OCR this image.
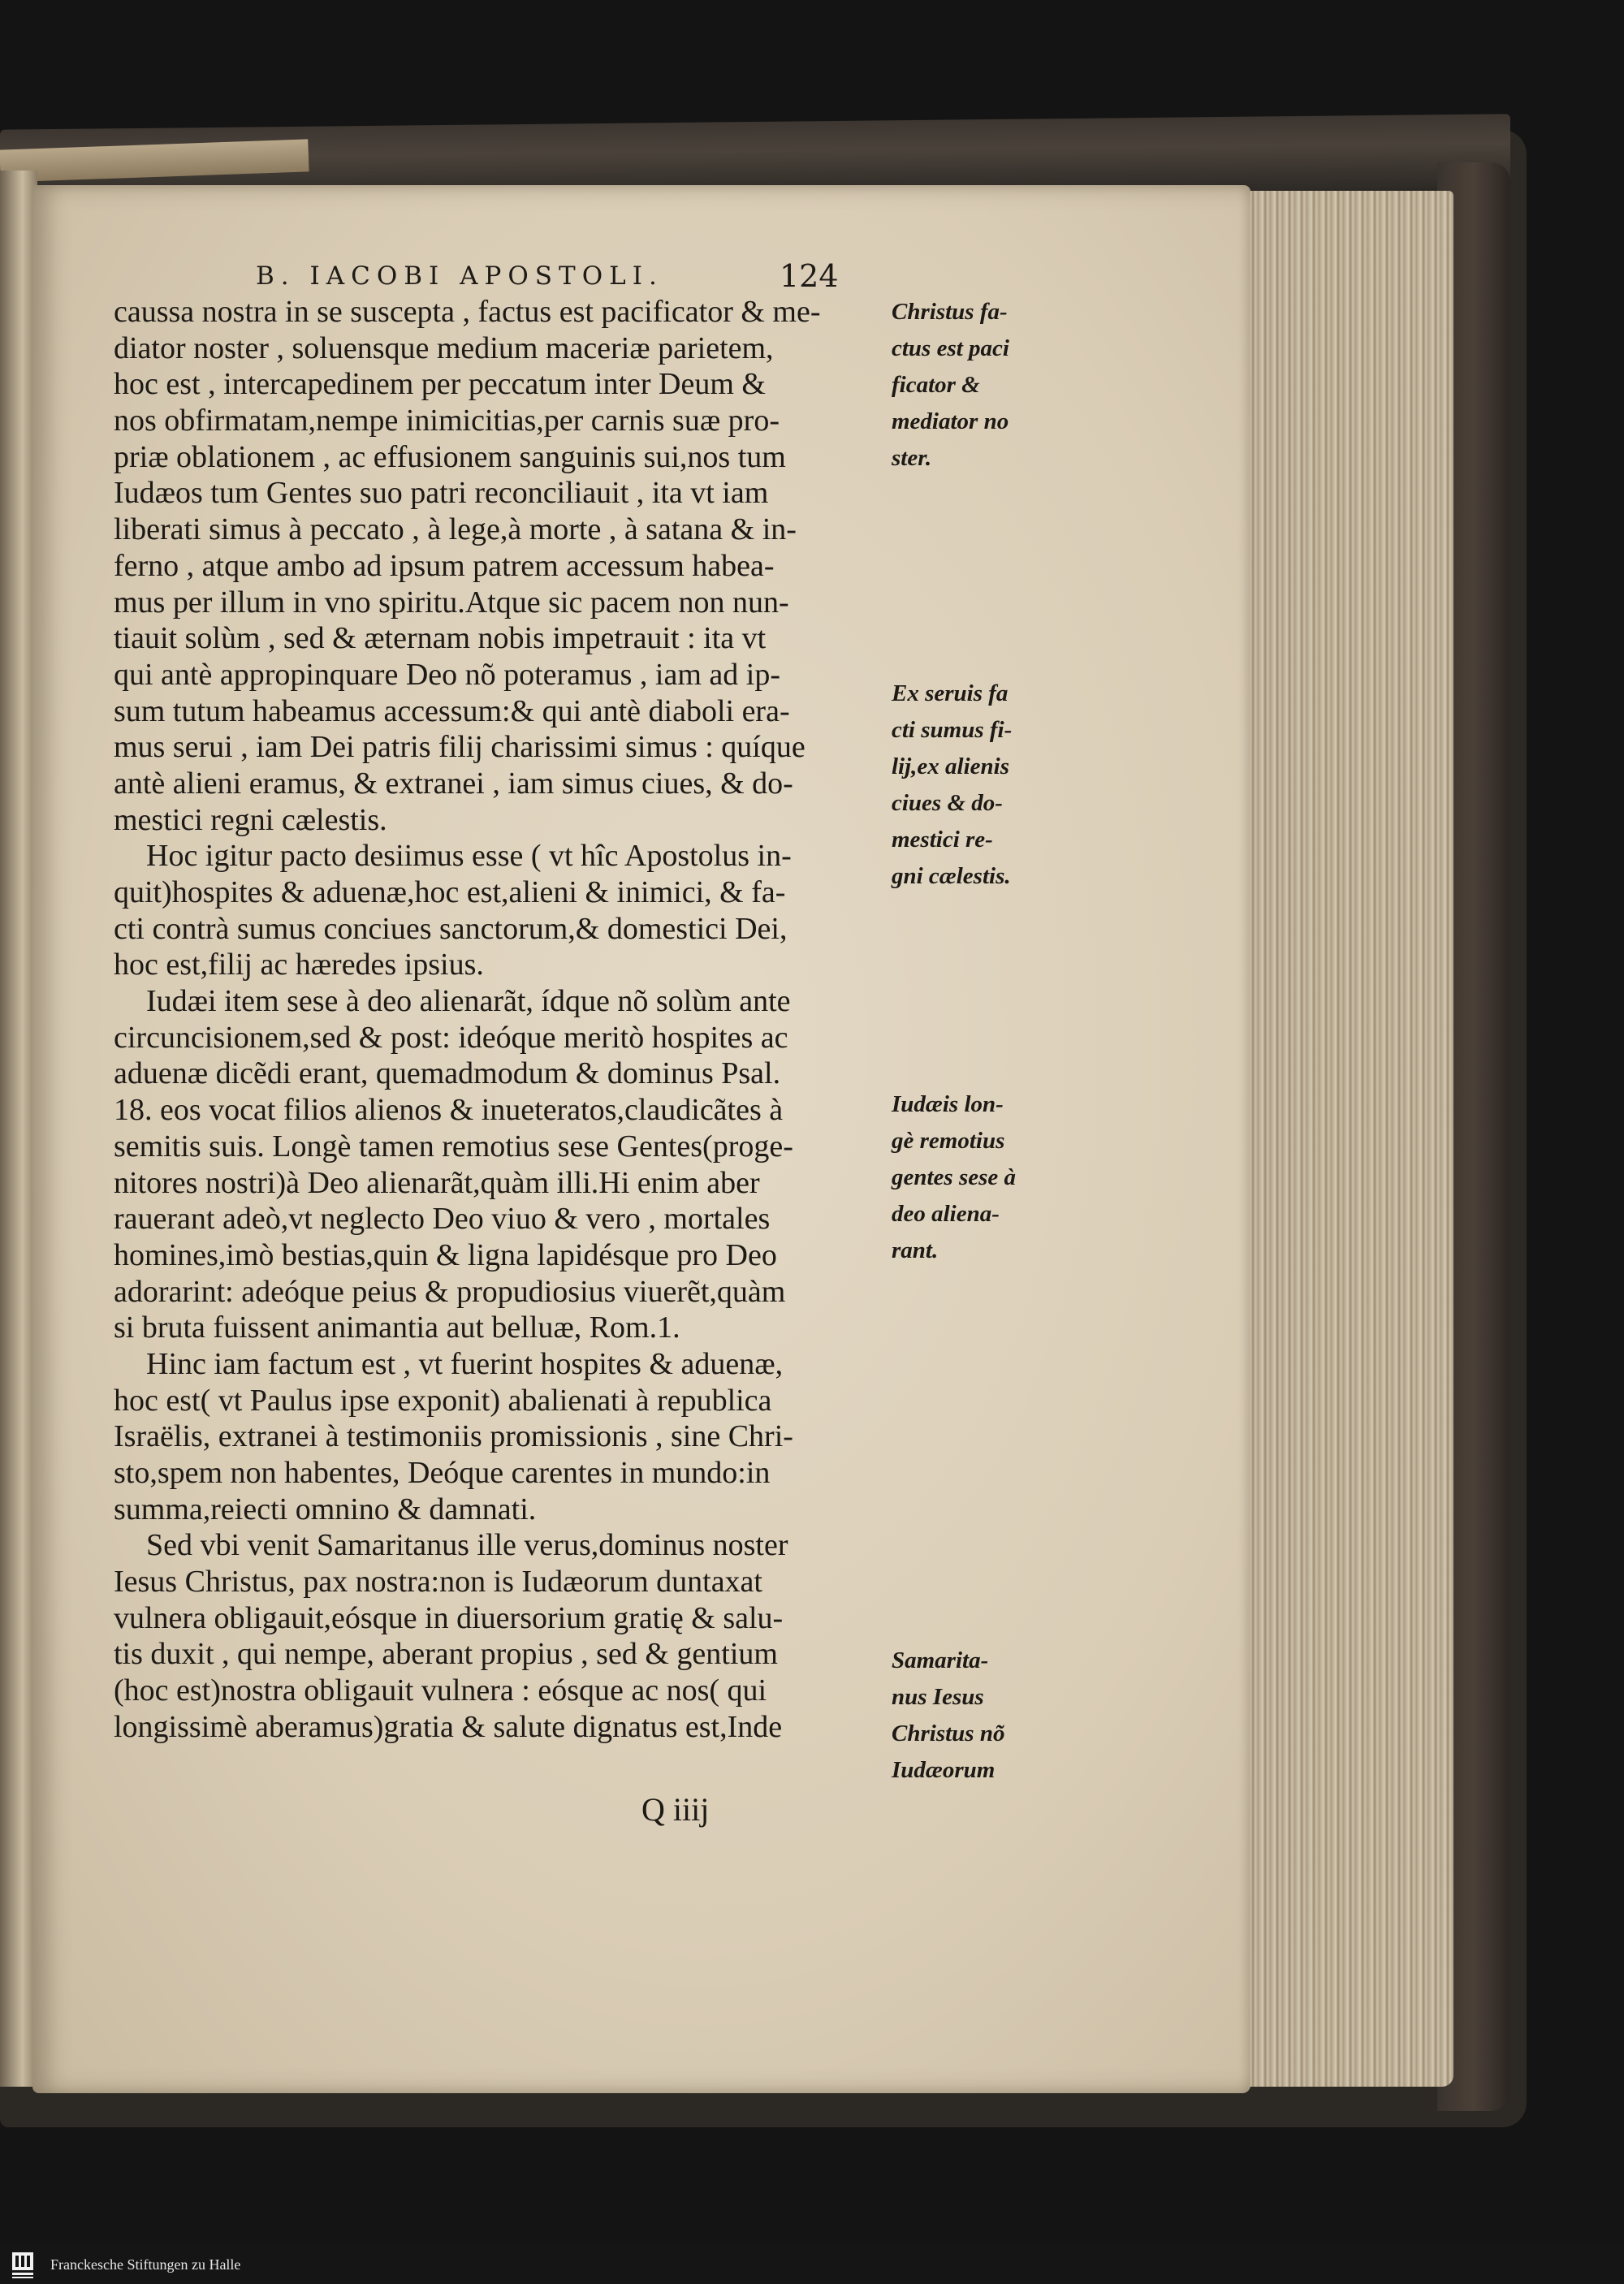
B. IACOBI APOSTOLI.	124
caussa nostra in se suscepta , factus est pacificator & me-
diator noster , soluensque medium maceriæ parietem,
hoc est , intercapedinem per peccatum inter Deum &
nos obfirmatam,nempe inimicitias,per carnis suæ pro-
priæ oblationem , ac effusionem sanguinis sui,nos tum
Iudæos tum Gentes suo patri reconciliauit , ita vt iam
liberati simus à peccato , à lege,à morte , à satana & in-
ferno , atque ambo ad ipsum patrem accessum habea-
mus per illum in vno spiritu.Atque sic pacem non nun-
tiauit solùm , sed & æternam nobis impetrauit : ita vt
qui antè appropinquare Deo nõ poteramus , iam ad ip-
sum tutum habeamus accessum:& qui antè diaboli era-
mus serui , iam Dei patris filij charissimi simus : quíque
antè alieni eramus, & extranei , iam simus ciues, & do-
mestici regni cælestis.
Hoc igitur pacto desiimus esse ( vt hîc Apostolus in-
quit)hospites & aduenæ,hoc est,alieni & inimici, & fa-
cti contrà sumus conciues sanctorum,& domestici Dei,
hoc est,filij ac hæredes ipsius.
Iudæi item sese à deo alienarãt, ídque nõ solùm ante
circuncisionem,sed & post: ideóque meritò hospites ac
aduenæ dicẽdi erant, quemadmodum & dominus Psal.
18. eos vocat filios alienos & inueteratos,claudicãtes à
semitis suis. Longè tamen remotius sese Gentes(proge-
nitores nostri)à Deo alienarãt,quàm illi.Hi enim aber
rauerant adeò,vt neglecto Deo viuo & vero , mortales
homines,imò bestias,quin & ligna lapidésque pro Deo
adorarint: adeóque peius & propudiosius viuerẽt,quàm
si bruta fuissent animantia aut belluæ, Rom.1.
Hinc iam factum est , vt fuerint hospites & aduenæ,
hoc est( vt Paulus ipse exponit) abalienati à republica
Israëlis, extranei à testimoniis promissionis , sine Chri-
sto,spem non habentes, Deóque carentes in mundo:in
summa,reiecti omnino & damnati.
Sed vbi venit Samaritanus ille verus,dominus noster
Iesus Christus, pax nostra:non is Iudæorum duntaxat
vulnera obligauit,eósque in diuersorium gratię & salu-
tis duxit , qui nempe, aberant propius , sed & gentium
(hoc est)nostra obligauit vulnera : eósque ac nos( qui
longissimè aberamus)gratia & salute dignatus est,Inde
Christus fa-
ctus est paci
ficator &
mediator no
ster.
Ex seruis fa
cti sumus fi-
lij,ex alienis
ciues & do-
mestici re-
gni cælestis.
Iudæis lon-
gè remotius
gentes sese à
deo aliena-
rant.
Samarita-
nus Iesus
Christus nõ
Iudæorum
Q iiij
Franckesche Stiftungen zu Halle
